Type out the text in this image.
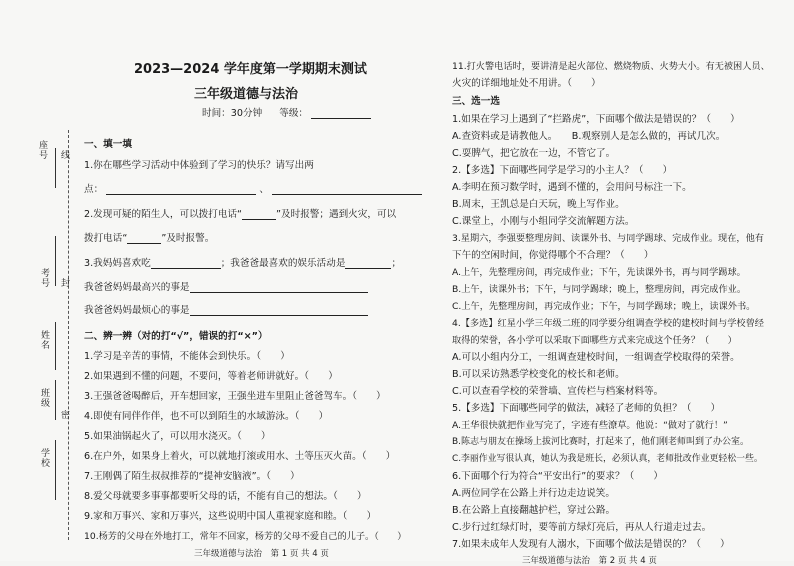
座号 线
考号 封
姓名
班级
密
学校
2023—2024 学年度第一学期期末测试
三年级道德与法治
时间：30分钟 等级：
一、填一填
1.你在哪些学习活动中体验到了学习的快乐？请写出两
点：	、
2.发现可疑的陌生人，可以拨打电话“	”及时报警；遇到火灾，可以
拨打电话“	”及时报警。
3.我妈妈喜欢吃	；我爸爸最喜欢的娱乐活动是	；
我爸爸妈妈最高兴的事是
我爸爸妈妈最烦心的事是
二、辨一辨（对的打“√”，错误的打“×”）
1.学习是辛苦的事情，不能体会到快乐。（　　）
2.如果遇到不懂的问题，不要问，等着老师讲就好。（　　）
3.王强爸爸喝醉后，开车想回家，王强坐进车里阻止爸爸驾车。（　　）
4.即使有同伴作伴，也不可以到陌生的水域游泳。（　　）
5.如果油锅起火了，可以用水浇灭。（　　）
6.在户外，如果身上着火，可以就地打滚或用水、土等压灭火苗。（　　）
7.王刚偶了陌生叔叔推荐的“提神安脑液”。（　　）
8.爱父母就要多事事都要听父母的话，不能有自己的想法。（　　）
9.家和万事兴、家和万事兴，这些说明中国人重视家庭和睦。（　　）
10.杨芳的父母在外地打工，常年不回家，杨芳的父母不爱自己的儿子。（　　）
三年级道德与法治　第 1 页 共 4 页
11.打火警电话时，要讲清是起火部位、燃烧物质、火势大小。有无被困人员、
火灾的详细地址处不用讲。（　　）
三、选一选
1.如果在学习上遇到了“拦路虎”，下面哪个做法是错误的？（　　）
A.查资料或是请教他人。　　B.观察别人是怎么做的，再试几次。
C.耍脾气，把它放在一边，不管它了。
2.【多选】下面哪些同学是学习的小主人？（　　）
A.李明在预习数学时，遇到不懂的，会用问号标注一下。
B.周末，王凯总是白天玩，晚上写作业。
C.课堂上，小刚与小组同学交流解题方法。
3.星期六，李强要整理房间、读课外书、与同学踢球、完成作业。现在，他有
下午的空闲时间，你觉得哪个不合理？（　　）
A.上午，先整理房间，再完成作业；下午，先读课外书，再与同学踢球。
B.上午，读课外书；下午，与同学踢球；晚上，整理房间，再完成作业。
C.上午，先整理房间，再完成作业；下午，与同学踢球；晚上，读课外书。
4.【多选】红星小学三年级二班的同学要分组调查学校的建校时间与学校曾经
取得的荣誉，各小学可以采取下面哪些方式来完成这个任务？（　　）
A.可以小组内分工，一组调查建校时间，一组调查学校取得的荣誉。
B.可以采访熟悉学校变化的校长和老师。
C.可以查看学校的荣誉墙、宣传栏与档案材料等。
5.【多选】下面哪些同学的做法，减轻了老师的负担？（　　）
A.王华很快就把作业写完了，字迹有些潦草。他说：“做对了就行！”
B.陈志与朋友在操场上拔河比赛时，打起来了，他们刚老师叫到了办公室。
C.李丽作业写很认真，她认为我是班长，必须认真，老师批改作业更轻松一些。
6.下面哪个行为符合“平安出行”的要求？（　　）
A.两位同学在公路上并行边走边说笑。
B.在公路上直接翻越护栏，穿过公路。
C.步行过红绿灯时，要等前方绿灯亮后，再从人行道走过去。
7.如果未成年人发现有人溺水，下面哪个做法是错误的？（　　）
三年级道德与法治　第 2 页 共 4 页
